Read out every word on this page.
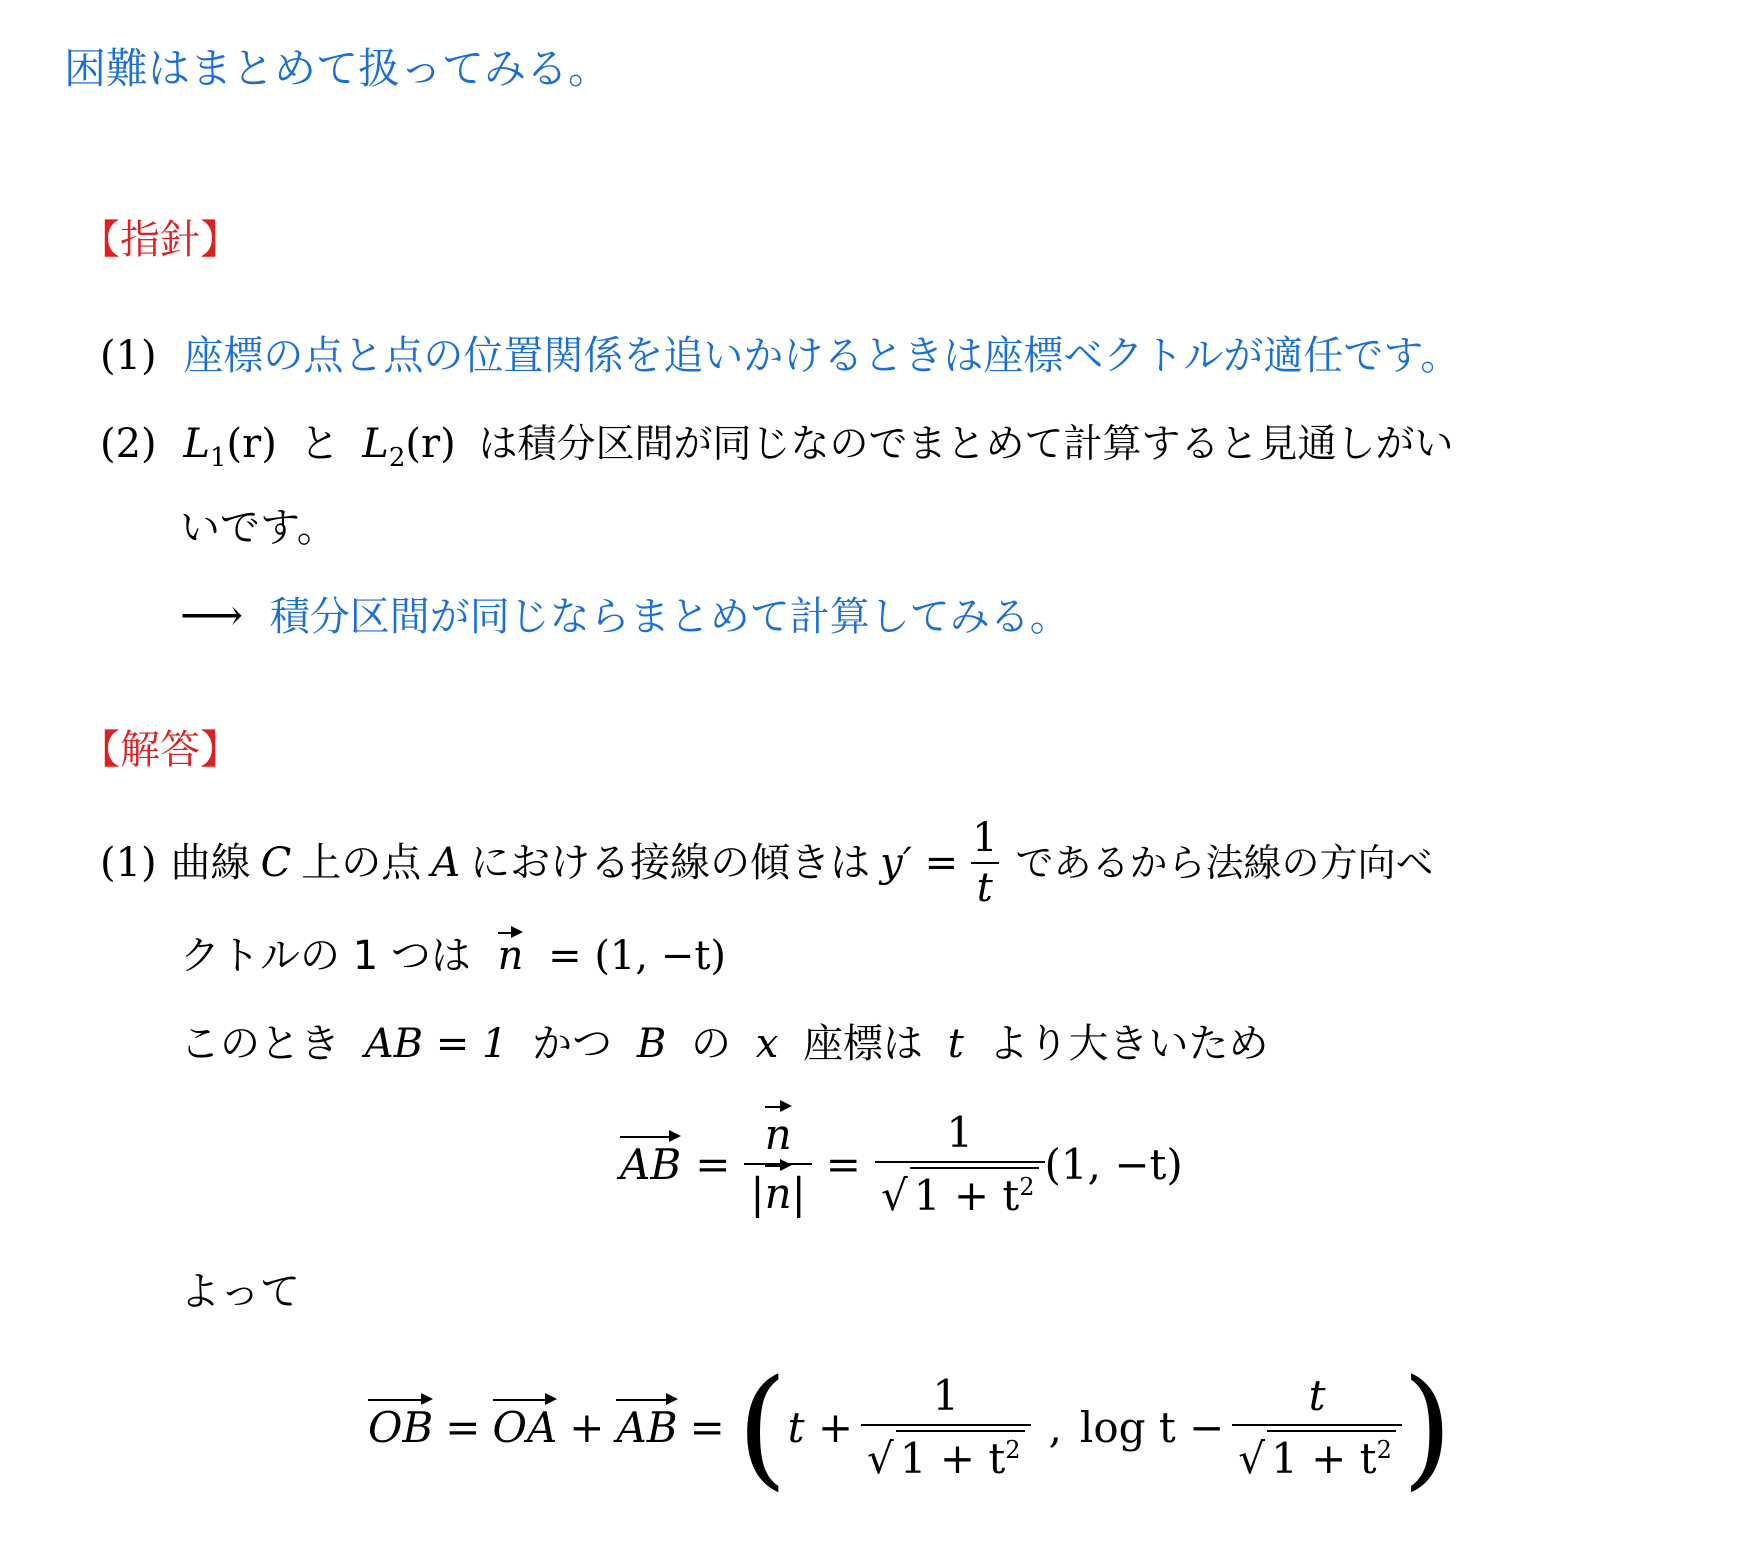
困難はまとめて扱ってみる。
【指針】
(1) 座標の点と点の位置関係を追いかけるときは座標ベクトルが適任です。
(2) $L_1(r)$ と $L_2(r)$ は積分区間が同じなのでまとめて計算すると見通しがい
いです。
⟶ 積分区間が同じならまとめて計算してみる。
【解答】
(1) 曲線 C 上の点 A における接線の傾きは $y' = \frac{1}{t}$ であるから法線の方向ベ
クトルの 1 つは n = (1, −t)
このとき AB = 1 かつ B の x 座標は t より大きいため
AB = $\frac{n}{|n|} = \frac{1}{√ 1 + t^2} (1$, −t)
よって
OB = OA + AB = ( $t + \frac{1}{√ 1 + t^2}$ , $\log t - \frac{t}{√ 1 + t^2}$ )
